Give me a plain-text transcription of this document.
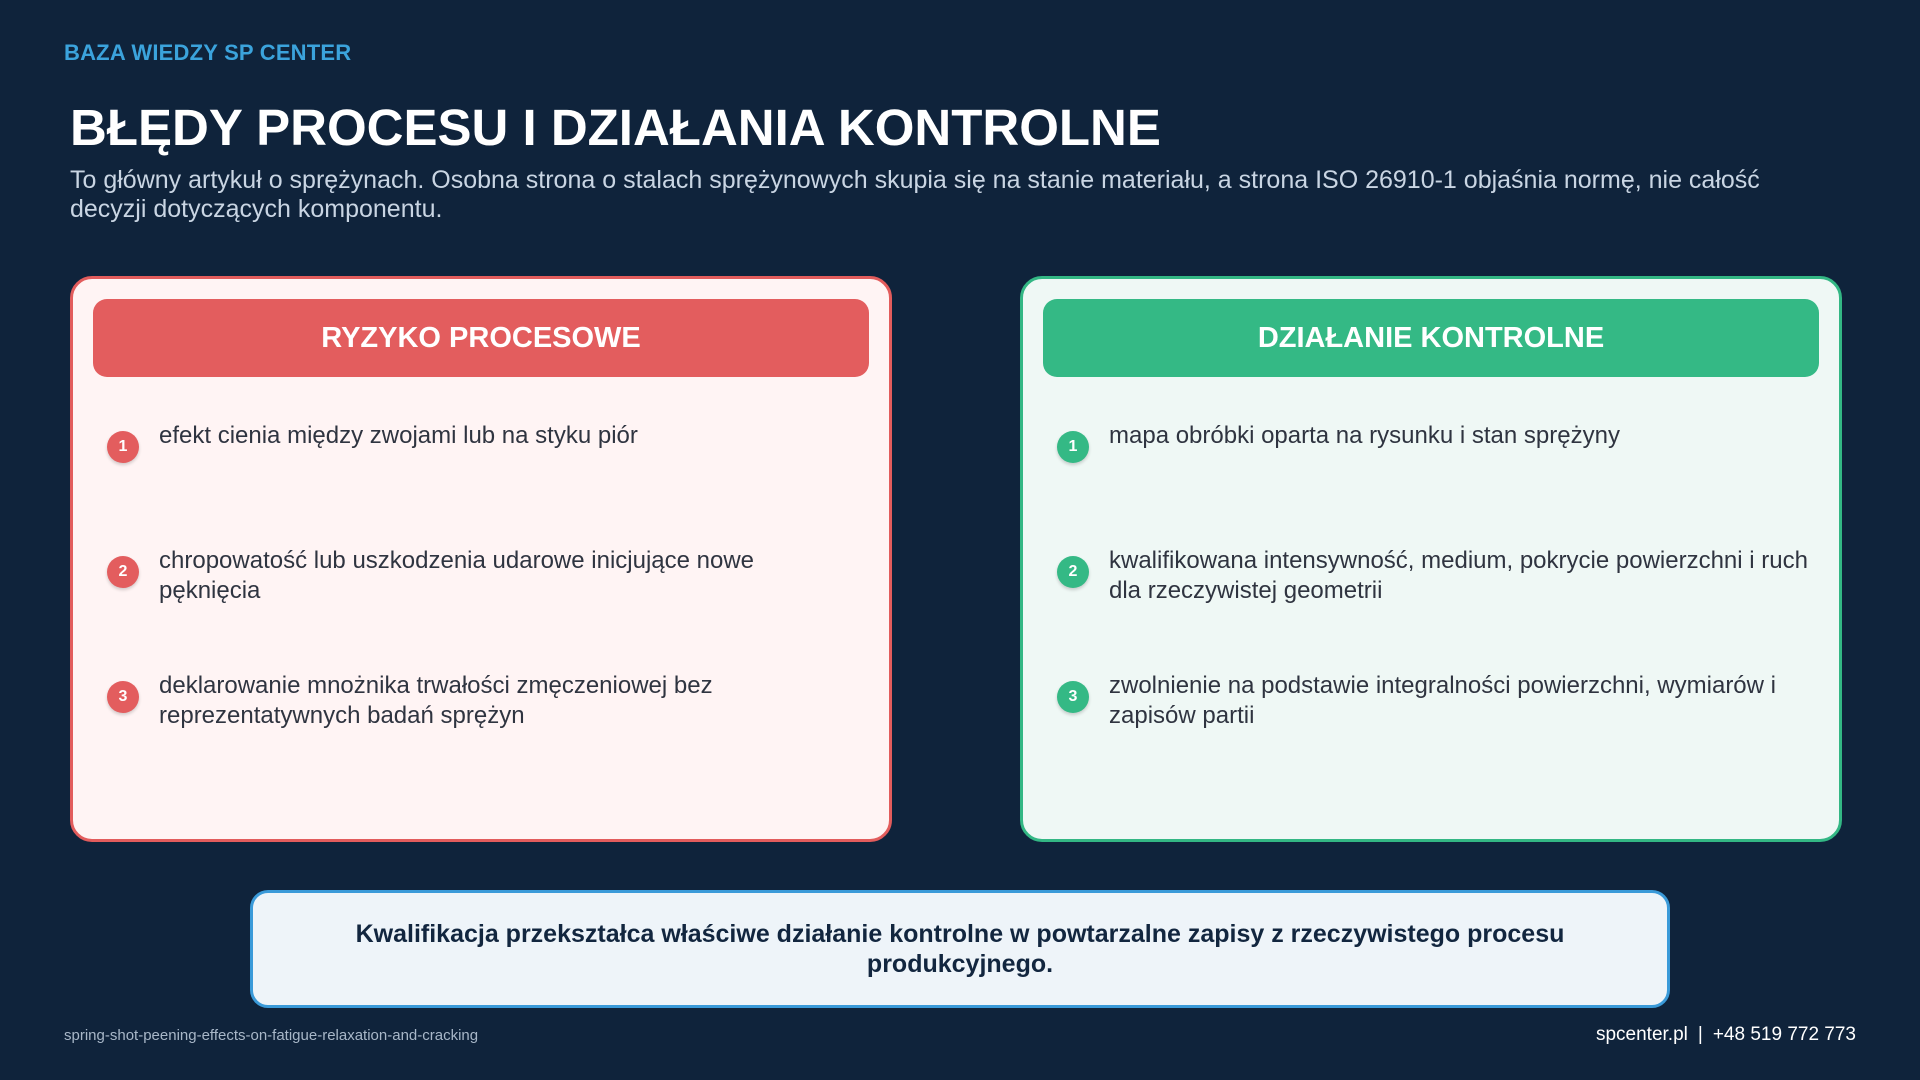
BAZA WIEDZY SP CENTER
BŁĘDY PROCESU I DZIAŁANIA KONTROLNE

To główny artykuł o sprężynach. Osobna strona o stalach sprężynowych skupia się na stanie materiału, a strona ISO 26910-1 objaśnia normę, nie całość decyzji dotyczących komponentu.

RYZYKO PROCESOWE
1	efekt cienia między zwojami lub na styku piór
2	chropowatość lub uszkodzenia udarowe inicjujące nowe pęknięcia
3	deklarowanie mnożnika trwałości zmęczeniowej bez reprezentatywnych badań sprężyn
DZIAŁANIE KONTROLNE
1	mapa obróbki oparta na rysunku i stan sprężyny
2	kwalifikowana intensywność, medium, pokrycie powierzchni i ruch dla rzeczywistej geometrii
3	zwolnienie na podstawie integralności powierzchni, wymiarów i zapisów partii
Kwalifikacja przekształca właściwe działanie kontrolne w powtarzalne zapisy z rzeczywistego procesu produkcyjnego.
spring-shot-peening-effects-on-fatigue-relaxation-and-cracking	spcenter.pl | +48 519 772 773
